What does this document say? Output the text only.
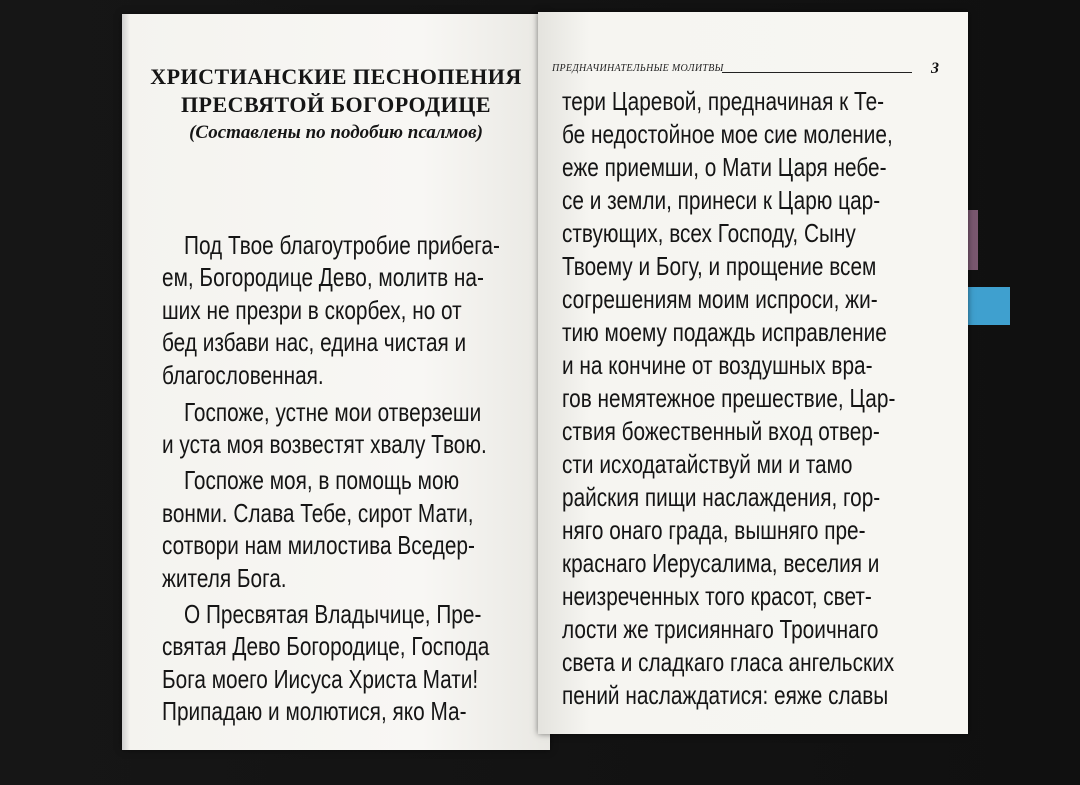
ХРИСТИАНСКИЕ ПЕСНОПЕНИЯ
ПРЕСВЯТОЙ БОГОРОДИЦЕ
(Составлены по подобию псалмов)
Под Твое благоутробие прибега-
ем, Богородице Дево, молитв на-
ших не презри в скорбех, но от
бед избави нас, едина чистая и
благословенная.
Госпоже, устне мои отверзеши
и уста моя возвестят хвалу Твою.
Госпоже моя, в помощь мою
вонми. Слава Тебе, сирот Мати,
сотвори нам милостива Вседер-
жителя Бога.
О Пресвятая Владычице, Пре-
святая Дево Богородице, Господа
Бога моего Иисуса Христа Мати!
Припадаю и молютися, яко Ма-
ПРЕДНАЧИНАТЕЛЬНЫЕ МОЛИТВЫ	3
тери Царевой, предначиная к Те-
бе недостойное мое сие моление,
еже приемши, о Мати Царя небе-
се и земли, принеси к Царю цар-
ствующих, всех Господу, Сыну
Твоему и Богу, и прощение всем
согрешениям моим испроси, жи-
тию моему подаждь исправление
и на кончине от воздушных вра-
гов немятежное прешествие, Цар-
ствия божественный вход отвер-
сти исходатайствуй ми и тамо
райския пищи наслаждения, гор-
няго онаго града, вышняго пре-
краснаго Иерусалима, веселия и
неизреченных того красот, свет-
лости же трисияннаго Троичнаго
света и сладкаго гласа ангельских
пений наслаждатися: еяже славы
